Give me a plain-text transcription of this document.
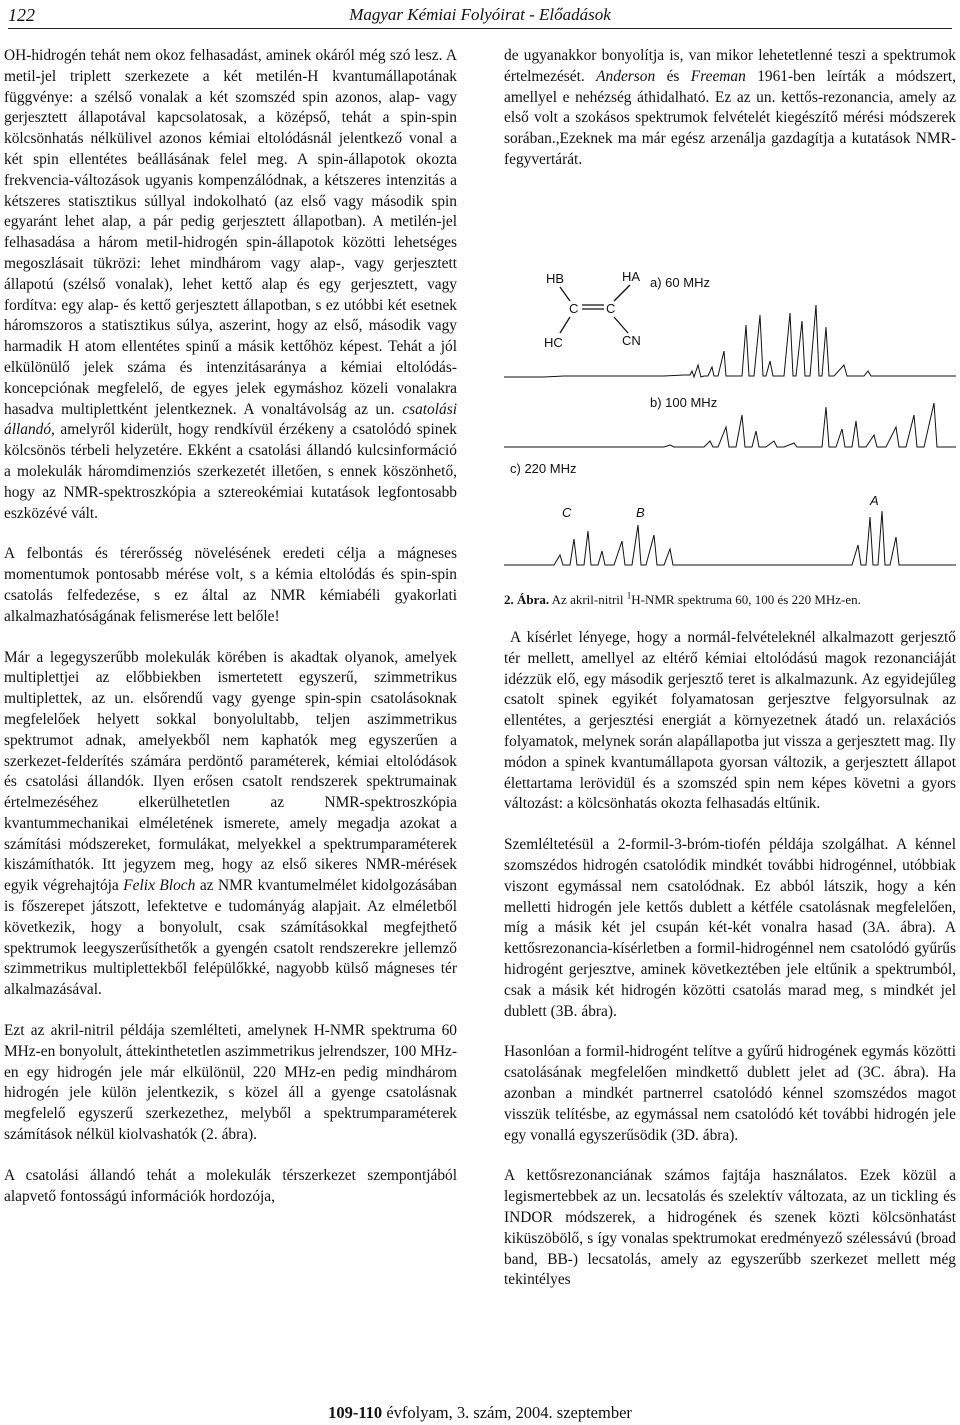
122	Magyar Kémiai Folyóirat - Előadások

OH-hidrogén tehát nem okoz felhasadást, aminek okáról még szó lesz. A metil-jel triplett szerkezete a két metilén-H kvantumállapotának függvénye: a szélső vonalak a két szomszéd spin azonos, alap- vagy gerjesztett állapotával kapcsolatosak, a középső, tehát a spin-spin kölcsönhatás nélkülivel azonos kémiai eltolódásnál jelentkező vonal a két spin ellentétes beállásának felel meg. A spin-állapotok okozta frekvencia-változások ugyanis kompenzálódnak, a kétszeres intenzitás a kétszeres statisztikus súllyal indokolható (az első vagy második spin egyaránt lehet alap, a pár pedig gerjesztett állapotban). A metilén-jel felhasadása a három metil-hidrogén spin-állapotok közötti lehetséges megoszlásait tükrözi: lehet mindhárom vagy alap-, vagy gerjesztett állapotú (szélső vonalak), lehet kettő alap és egy gerjesztett, vagy fordítva: egy alap- és kettő gerjesztett állapotban, s ez utóbbi két esetnek háromszoros a statisztikus súlya, aszerint, hogy az első, második vagy harmadik H atom ellentétes spinű a másik kettőhöz képest. Tehát a jól elkülönülő jelek száma és intenzitásaránya a kémiai eltolódás-koncepciónak megfelelő, de egyes jelek egymáshoz közeli vonalakra hasadva multiplettként jelentkeznek. A vonaltávolság az un. csatolási állandó, amelyről kiderült, hogy rendkívül érzékeny a csatolódó spinek kölcsönös térbeli helyzetére. Ekként a csatolási állandó kulcsinformáció a molekulák háromdimenziós szerkezetét illetően, s ennek köszönhető, hogy az NMR-spektroszkópia a sztereokémiai kutatások legfontosabb eszközévé vált.

A felbontás és térerősség növelésének eredeti célja a mágneses momentumok pontosabb mérése volt, s a kémia eltolódás és spin-spin csatolás felfedezése, s ez által az NMR kémiabéli gyakorlati alkalmazhatóságának felismerése lett belőle!

Már a legegyszerűbb molekulák körében is akadtak olyanok, amelyek multiplettjei az előbbiekben ismertetett egyszerű, szimmetrikus multiplettek, az un. elsőrendű vagy gyenge spin-spin csatolásoknak megfelelőek helyett sokkal bonyolultabb, teljen aszimmetrikus spektrumot adnak, amelyekből nem kaphatók meg egyszerűen a szerkezet-felderítés számára perdöntő paraméterek, kémiai eltolódások és csatolási állandók. Ilyen erősen csatolt rendszerek spektrumainak értelmezéséhez elkerülhetetlen az NMR-spektroszkópia kvantummechanikai elméletének ismerete, amely megadja azokat a számítási módszereket, formulákat, melyekkel a spektrumparaméterek kiszámíthatók. Itt jegyzem meg, hogy az első sikeres NMR-mérések egyik végrehajtója Felix Bloch az NMR kvantumelmélet kidolgozásában is főszerepet játszott, lefektetve e tudományág alapjait. Az elméletből következik, hogy a bonyolult, csak számításokkal megfejthető spektrumok leegyszerűsíthetők a gyengén csatolt rendszerekre jellemző szimmetrikus multiplettekből felépülőkké, nagyobb külső mágneses tér alkalmazásával.

Ezt az akril-nitril példája szemlélteti, amelynek H-NMR spektruma 60 MHz-en bonyolult, áttekinthetetlen aszimmetrikus jelrendszer, 100 MHz-en egy hidrogén jele már elkülönül, 220 MHz-en pedig mindhárom hidrogén jele külön jelentkezik, s közel áll a gyenge csatolásnak megfelelő egyszerű szerkezethez, melyből a spektrumparaméterek számítások nélkül kiolvashatók (2. ábra).

A csatolási állandó tehát a molekulák térszerkezet szempontjából alapvető fontosságú információk hordozója,

de ugyanakkor bonyolítja is, van mikor lehetetlenné teszi a spektrumok értelmezését. Anderson és Freeman 1961-ben leírták a módszert, amellyel e nehézség áthidalható. Ez az un. kettős-rezonancia, amely az első volt a szokásos spektrumok felvételét kiegészítő mérési módszerek sorában.,Ezeknek ma már egész arzenálja gazdagítja a kutatások NMR-fegyvertárát.

HB	HA
C C
HC	CN
a) 60 MHz
b) 100 MHz
c) 220 MHz
C	B
A
2. Ábra. Az akril-nitril $^1$H-NMR spektruma 60, 100 és 220 MHz-en.

A kísérlet lényege, hogy a normál-felvételeknél alkalmazott gerjesztő tér mellett, amellyel az eltérő kémiai eltolódású magok rezonanciáját idézzük elő, egy második gerjesztő teret is alkalmazunk. Az egyidejűleg csatolt spinek egyikét folyamatosan gerjesztve felgyorsulnak az ellentétes, a gerjesztési energiát a környezetnek átadó un. relaxációs folyamatok, melynek során alapállapotba jut vissza a gerjesztett mag. Ily módon a spinek kvantumállapota gyorsan változik, a gerjesztett állapot élettartama lerövidül és a szomszéd spin nem képes követni a gyors változást: a kölcsönhatás okozta felhasadás eltűnik.

Szemléltetésül a 2-formil-3-bróm-tiofén példája szolgálhat. A kénnel szomszédos hidrogén csatolódik mindkét további hidrogénnel, utóbbiak viszont egymással nem csatolódnak. Ez abból látszik, hogy a kén melletti hidrogén jele kettős dublett a kétféle csatolásnak megfelelően, míg a másik két jel csupán két-két vonalra hasad (3A. ábra). A kettősrezonancia-kísérletben a formil-hidrogénnel nem csatolódó gyűrűs hidrogént gerjesztve, aminek következtében jele eltűnik a spektrumból, csak a másik két hidrogén közötti csatolás marad meg, s mindkét jel dublett (3B. ábra).

Hasonlóan a formil-hidrogént telítve a gyűrű hidrogének egymás közötti csatolásának megfelelően mindkettő dublett jelet ad (3C. ábra). Ha azonban a mindkét partnerrel csatolódó kénnel szomszédos magot visszük telítésbe, az egymással nem csatolódó két további hidrogén jele egy vonallá egyszerűsödik (3D. ábra).

A kettősrezonanciának számos fajtája használatos. Ezek közül a legismertebbek az un. lecsatolás és szelektív változata, az un tickling és INDOR módszerek, a hidrogének és szenek közti kölcsönhatást kiküszöbölő, s így vonalas spektrumokat eredményező szélessávú (broad band, BB-) lecsatolás, amely az egyszerűbb szerkezet mellett még tekintélyes

109-110 évfolyam, 3. szám, 2004. szeptember
